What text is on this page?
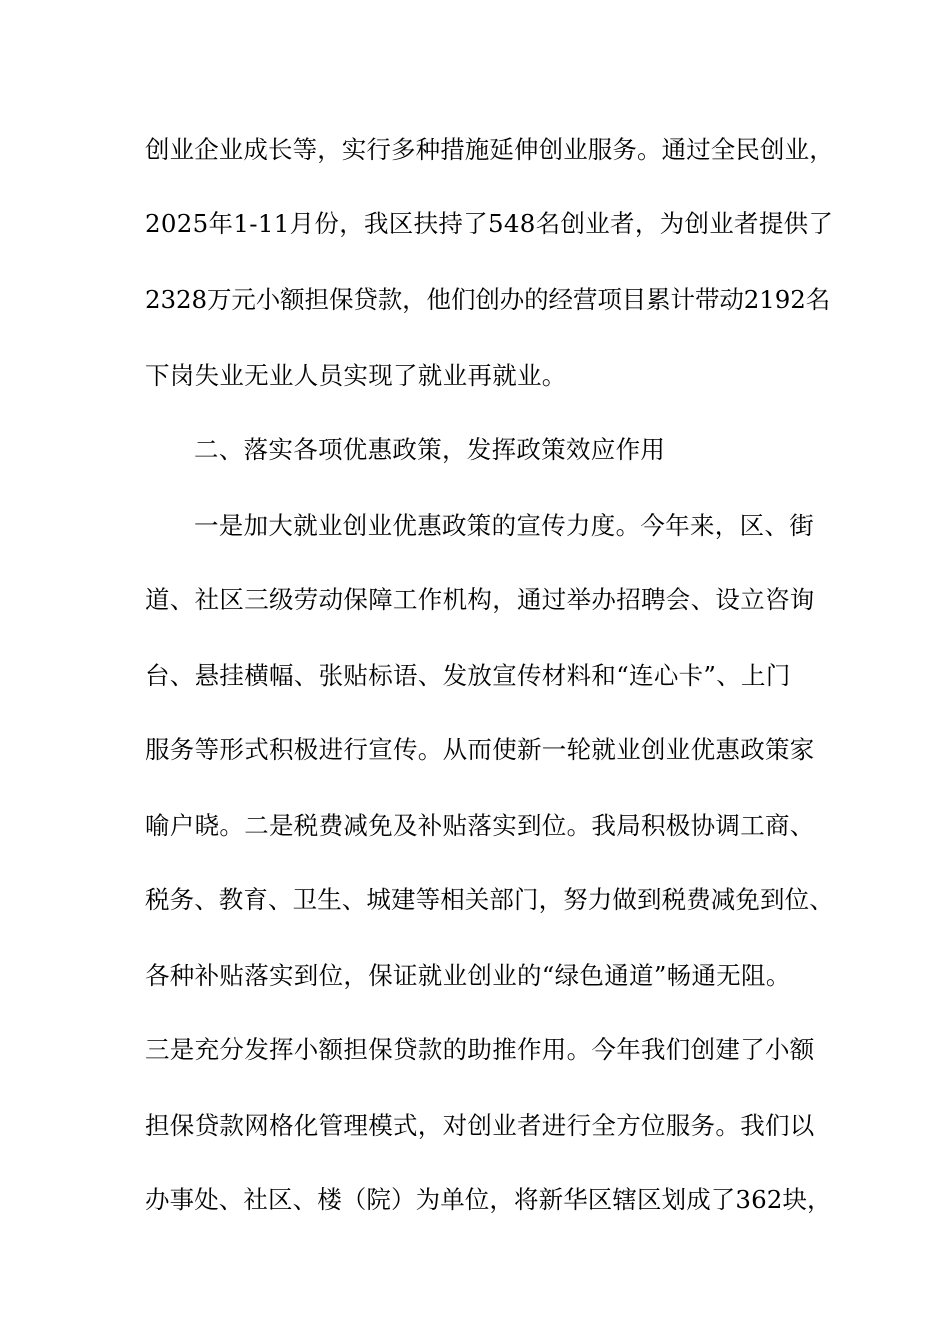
创业企业成长等，实行多种措施延伸创业服务。通过全民创业，
2025年1-11月份，我区扶持了548名创业者，为创业者提供了
2328万元小额担保贷款，他们创办的经营项目累计带动2192名
下岗失业无业人员实现了就业再就业。
二、落实各项优惠政策，发挥政策效应作用
一是加大就业创业优惠政策的宣传力度。今年来，区、街
道、社区三级劳动保障工作机构，通过举办招聘会、设立咨询
台、悬挂横幅、张贴标语、发放宣传材料和“连心卡”、上门
服务等形式积极进行宣传。从而使新一轮就业创业优惠政策家
喻户晓。二是税费减免及补贴落实到位。我局积极协调工商、
税务、教育、卫生、城建等相关部门，努力做到税费减免到位、
各种补贴落实到位，保证就业创业的“绿色通道”畅通无阻。
三是充分发挥小额担保贷款的助推作用。今年我们创建了小额
担保贷款网格化管理模式，对创业者进行全方位服务。我们以
办事处、社区、楼（院）为单位，将新华区辖区划成了362块，
